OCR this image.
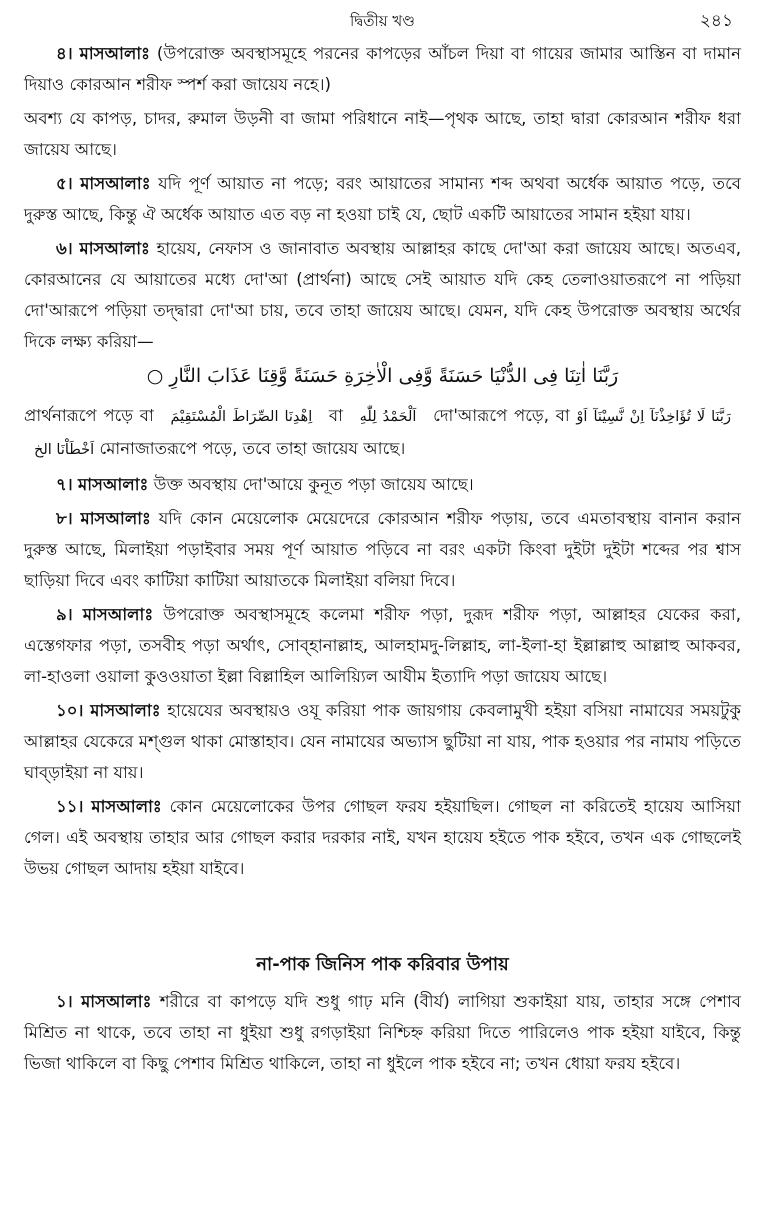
দ্বিতীয় খণ্ড	২৪১

৪। মাসআলাঃ (উপরোক্ত অবস্থাসমূহে পরনের কাপড়ের আঁচল দিয়া বা গায়ের জামার আস্তিন বা দামান দিয়াও কোরআন শরীফ স্পর্শ করা জায়েয নহে।)

অবশ্য যে কাপড়, চাদর, রুমাল উড়নী বা জামা পরিধানে নাই—পৃথক আছে, তাহা দ্বারা কোরআন শরীফ ধরা জায়েয আছে।

৫। মাসআলাঃ যদি পূর্ণ আয়াত না পড়ে; বরং আয়াতের সামান্য শব্দ অথবা অর্ধেক আয়াত পড়ে, তবে দুরুস্ত আছে, কিন্তু ঐ অর্ধেক আয়াত এত বড় না হওয়া চাই যে, ছোট একটি আয়াতের সামান হইয়া যায়।

৬। মাসআলাঃ হায়েয, নেফাস ও জানাবাত অবস্থায় আল্লাহর কাছে দো'আ করা জায়েয আছে। অতএব, কোরআনের যে আয়াতের মধ্যে দো'আ (প্রার্থনা) আছে সেই আয়াত যদি কেহ তেলাওয়াতরূপে না পড়িয়া দো'আরূপে পড়িয়া তদ্দ্বারা দো'আ চায়, তবে তাহা জায়েয আছে। যেমন, যদি কেহ উপরোক্ত অবস্থায় অর্থের দিকে লক্ষ্য করিয়া—

رَبَّنَا اٰتِنَا فِى الدُّنْيَا حَسَنَةً وَّفِى الْاٰخِرَةِ حَسَنَةً وَّقِنَا عَذَابَ النَّارِ ○

প্রার্থনারূপে পড়ে বা اِهْدِنَا الصِّرَاطَ الْمُسْتَقِيْمَ বা اَلْحَمْدُ لِلّٰهِ দো'আরূপে পড়ে, বা رَبَّنَا لَا تُؤَاخِذْنَآ اِنْ نَّسِيْنَآ اَوْ اَخْطَاْنَا الخ মোনাজাতরূপে পড়ে, তবে তাহা জায়েয আছে।

৭। মাসআলাঃ উক্ত অবস্থায় দো'আয়ে কুনূত পড়া জায়েয আছে।

৮। মাসআলাঃ যদি কোন মেয়েলোক মেয়েদেরে কোরআন শরীফ পড়ায়, তবে এমতাবস্থায় বানান করান দুরুস্ত আছে, মিলাইয়া পড়াইবার সময় পূর্ণ আয়াত পড়িবে না বরং একটা কিংবা দুইটা দুইটা শব্দের পর শ্বাস ছাড়িয়া দিবে এবং কাটিয়া কাটিয়া আয়াতকে মিলাইয়া বলিয়া দিবে।

৯। মাসআলাঃ উপরোক্ত অবস্থাসমূহে কলেমা শরীফ পড়া, দুরূদ শরীফ পড়া, আল্লাহর যেকের করা, এস্তেগফার পড়া, তসবীহ পড়া অর্থাৎ, সোব্হানাল্লাহ, আলহামদু-লিল্লাহ, লা-ইলা-হা ইল্লাল্লাহু আল্লাহু আকবর, লা-হাওলা ওয়ালা কুওওয়াতা ইল্লা বিল্লাহিল আলিয়্যিল আযীম ইত্যাদি পড়া জায়েয আছে।

১০। মাসআলাঃ হায়েযের অবস্থায়ও ওযূ করিয়া পাক জায়গায় কেবলামুখী হইয়া বসিয়া নামাযের সময়টুকু আল্লাহর যেকেরে মশ্গুল থাকা মোস্তাহাব। যেন নামাযের অভ্যাস ছুটিয়া না যায়, পাক হওয়ার পর নামায পড়িতে ঘাব্ড়াইয়া না যায়।

১১। মাসআলাঃ কোন মেয়েলোকের উপর গোছল ফরয হইয়াছিল। গোছল না করিতেই হায়েয আসিয়া গেল। এই অবস্থায় তাহার আর গোছল করার দরকার নাই, যখন হায়েয হইতে পাক হইবে, তখন এক গোছলেই উভয় গোছল আদায় হইয়া যাইবে।

না-পাক জিনিস পাক করিবার উপায়

১। মাসআলাঃ শরীরে বা কাপড়ে যদি শুধু গাঢ় মনি (বীর্য) লাগিয়া শুকাইয়া যায়, তাহার সঙ্গে পেশাব মিশ্রিত না থাকে, তবে তাহা না ধুইয়া শুধু রগড়াইয়া নিশ্চিহ্ন করিয়া দিতে পারিলেও পাক হইয়া যাইবে, কিন্তু ভিজা থাকিলে বা কিছু পেশাব মিশ্রিত থাকিলে, তাহা না ধুইলে পাক হইবে না; তখন ধোয়া ফরয হইবে।
